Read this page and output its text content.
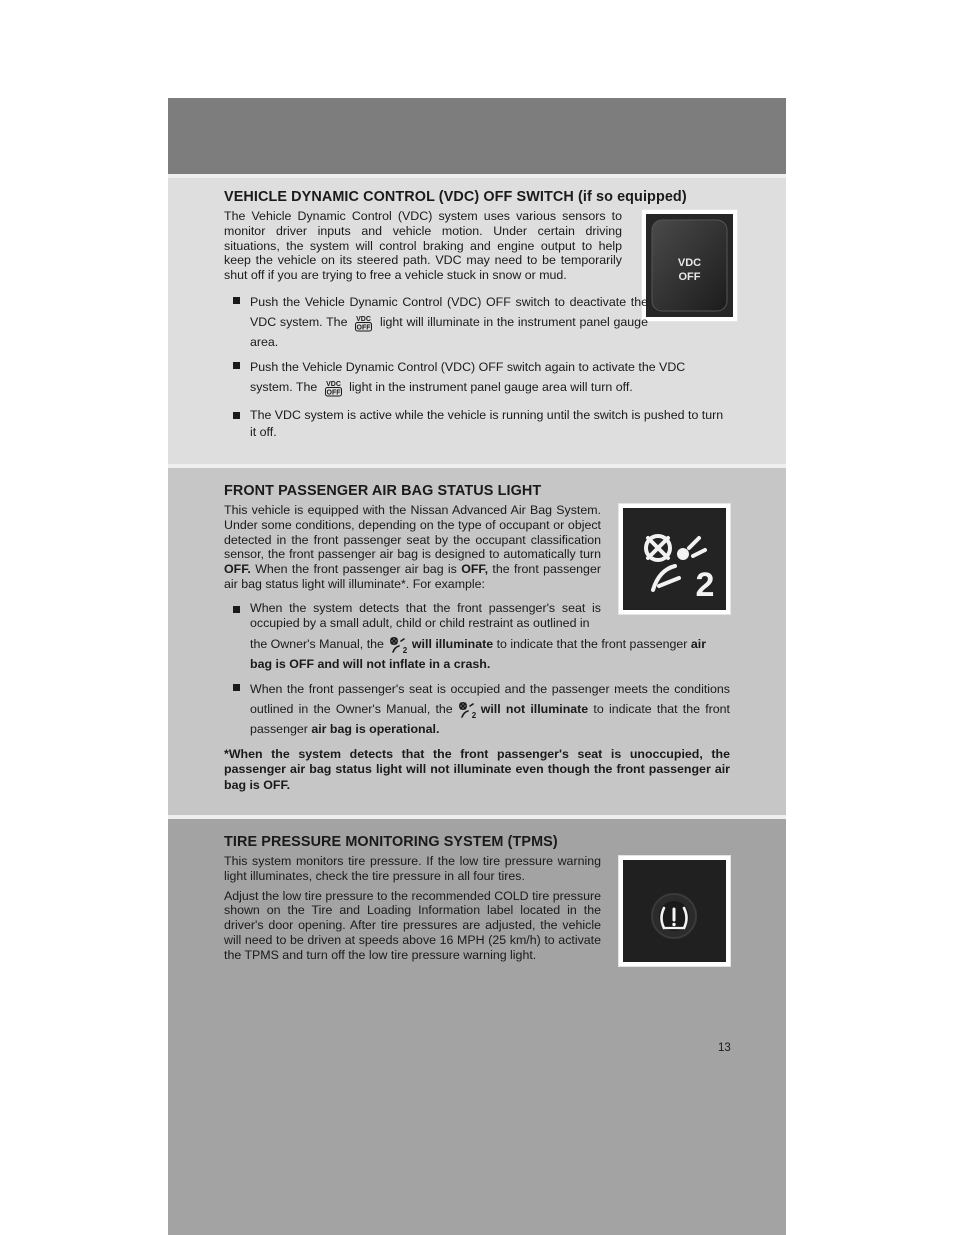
VDC
OFF
VEHICLE DYNAMIC CONTROL (VDC) OFF SWITCH (if so equipped)

The Vehicle Dynamic Control (VDC) system uses various sensors to monitor driver inputs and vehicle motion. Under certain driving situations, the system will control braking and engine output to help keep the vehicle on its steered path. VDC may need to be temporarily shut off if you are trying to free a vehicle stuck in snow or mud.

Push the Vehicle Dynamic Control (VDC) OFF switch to deactivate the VDC system. The VDC
OFF light will illuminate in the instrument panel gauge area.
Push the Vehicle Dynamic Control (VDC) OFF switch again to activate the VDC system. The VDC
OFF light in the instrument panel gauge area will turn off.
The VDC system is active while the vehicle is running until the switch is pushed to turn it off.
2
FRONT PASSENGER AIR BAG STATUS LIGHT

This vehicle is equipped with the Nissan Advanced Air Bag System. Under some conditions, depending on the type of occupant or object detected in the front passenger seat by the occupant classification sensor, the front passenger air bag is designed to automatically turn OFF. When the front passenger air bag is OFF, the front passenger air bag status light will illuminate*. For example:

When the system detects that the front passenger's seat is occupied by a small adult, child or child restraint as outlined in
the Owner's Manual, the 2 will illuminate to indicate that the front passenger air bag is OFF and will not inflate in a crash.
When the front passenger's seat is occupied and the passenger meets the conditions outlined in the Owner's Manual, the 2 will not illuminate to indicate that the front passenger air bag is operational.

*When the system detects that the front passenger's seat is unoccupied, the passenger air bag status light will not illuminate even though the front passenger air bag is OFF.

TIRE PRESSURE MONITORING SYSTEM (TPMS)

This system monitors tire pressure. If the low tire pressure warning light illuminates, check the tire pressure in all four tires.

Adjust the low tire pressure to the recommended COLD tire pressure shown on the Tire and Loading Information label located in the driver's door opening. After tire pressures are adjusted, the vehicle will need to be driven at speeds above 16 MPH (25 km/h) to activate the TPMS and turn off the low tire pressure warning light.

13
